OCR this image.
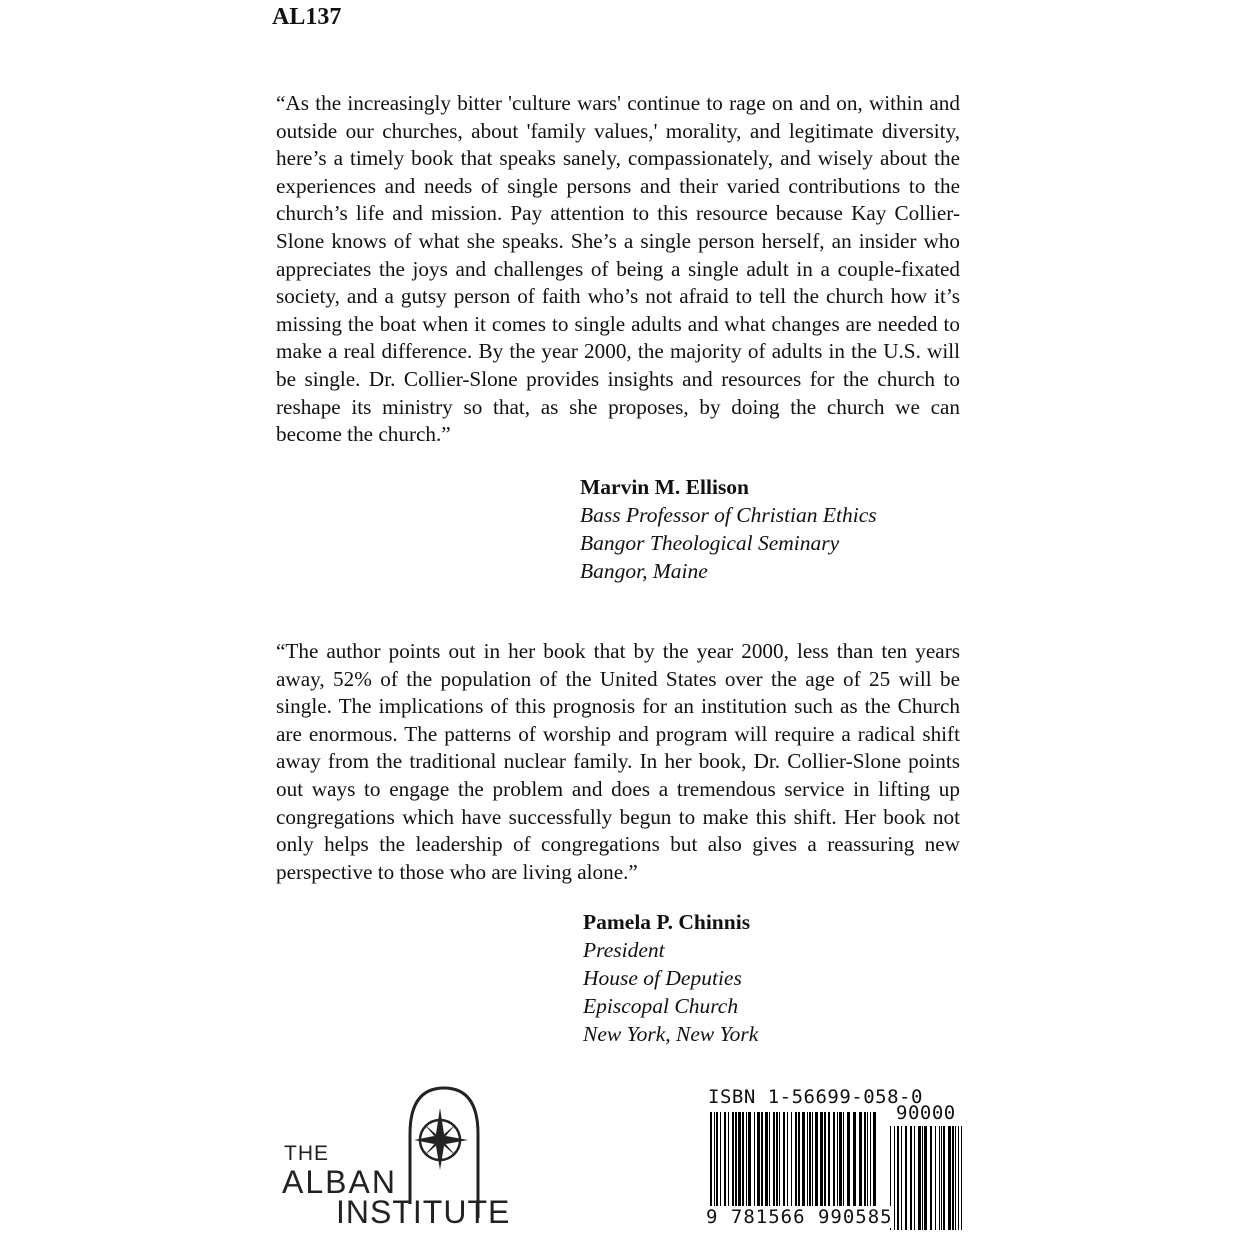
AL137
“As the increasingly bitter 'culture wars' continue to rage on and on, within and outside our churches, about 'family values,' morality, and legitimate diversity, here’s a timely book that speaks sanely, compassionately, and wisely about the experiences and needs of single persons and their varied contributions to the church’s life and mission. Pay attention to this resource because Kay Collier-Slone knows of what she speaks. She’s a single person herself, an insider who appreciates the joys and challenges of being a single adult in a couple-fixated society, and a gutsy person of faith who’s not afraid to tell the church how it’s missing the boat when it comes to single adults and what changes are needed to make a real difference. By the year 2000, the majority of adults in the U.S. will be single. Dr. Collier-Slone provides insights and resources for the church to reshape its ministry so that, as she proposes, by doing the church we can become the church.”
Marvin M. Ellison
Bass Professor of Christian Ethics
Bangor Theological Seminary
Bangor, Maine
“The author points out in her book that by the year 2000, less than ten years away, 52% of the population of the United States over the age of 25 will be single. The implications of this prognosis for an institution such as the Church are enormous. The patterns of worship and program will require a radical shift away from the traditional nuclear family. In her book, Dr. Collier-Slone points out ways to engage the problem and does a tremendous service in lifting up congregations which have successfully begun to make this shift. Her book not only helps the leadership of congregations but also gives a reassuring new perspective to those who are living alone.”
Pamela P. Chinnis
President
House of Deputies
Episcopal Church
New York, New York
THE
ALBAN
INSTITUTE
ISBN 1-56699-058-0
90000
9 781566 990585
